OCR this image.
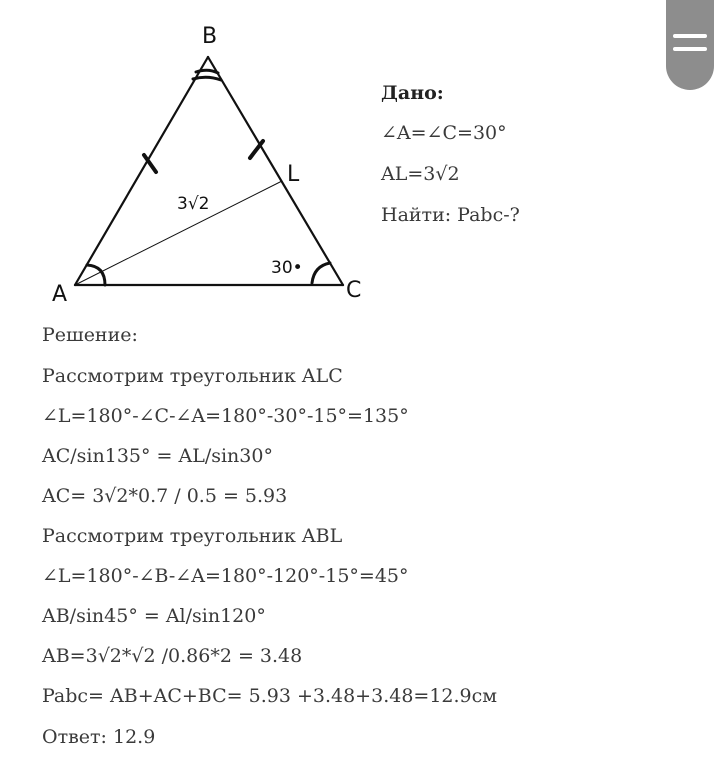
B
A	C
L
3√2
30•
Дано:
∠A=∠C=30°
AL=3√2
Найти: Pabc-?
Решение:
Рассмотрим треугольник ALC
∠L=180°-∠C-∠A=180°-30°-15°=135°
AC/sin135° = AL/sin30°
AC= 3√2*0.7 / 0.5 = 5.93
Рассмотрим треугольник ABL
∠L=180°-∠B-∠A=180°-120°-15°=45°
AB/sin45° = Al/sin120°
AB=3√2*√2 /0.86*2 = 3.48
Pabc= AB+AC+BC= 5.93 +3.48+3.48=12.9см
Ответ: 12.9
